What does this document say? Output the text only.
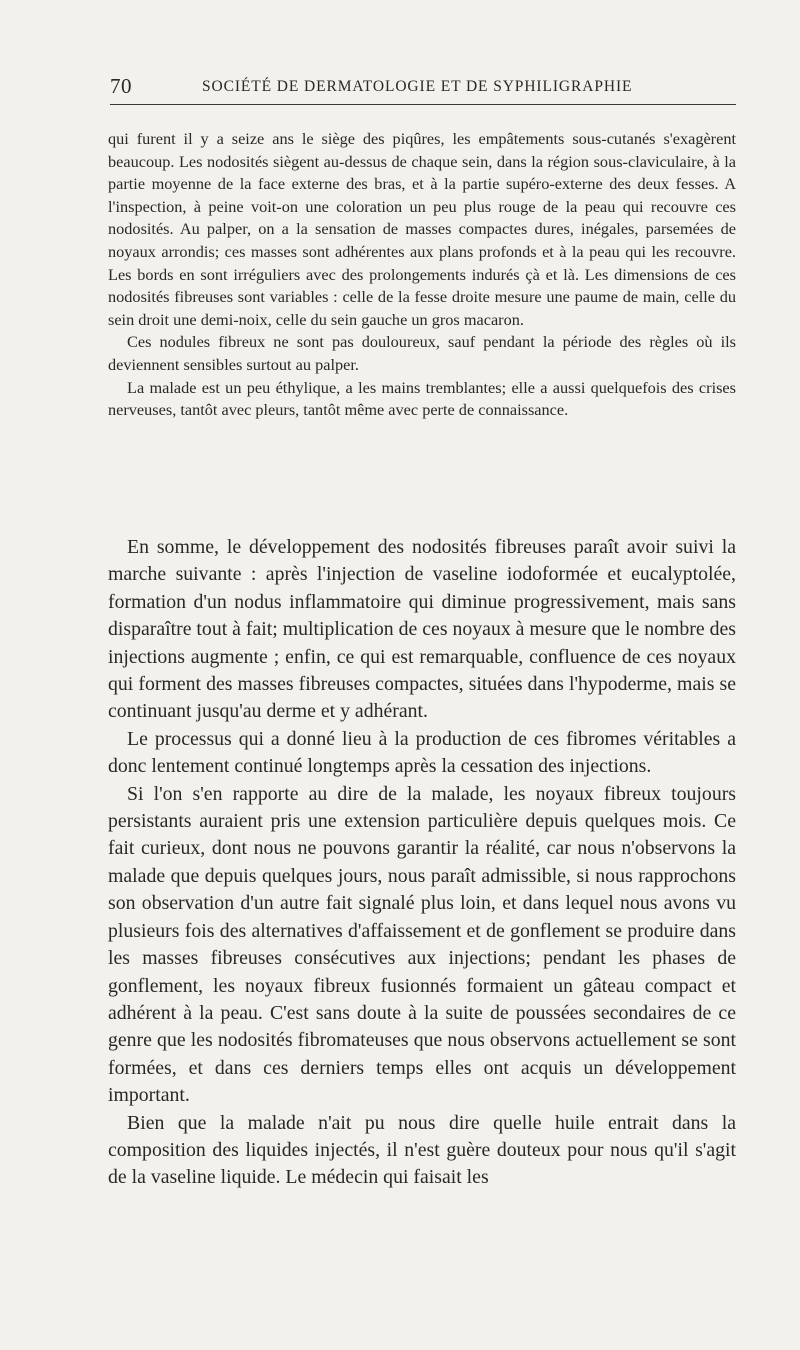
70	SOCIÉTÉ DE DERMATOLOGIE ET DE SYPHILIGRAPHIE

qui furent il y a seize ans le siège des piqûres, les empâtements sous-cutanés s'exagèrent beaucoup. Les nodosités siègent au-dessus de chaque sein, dans la région sous-claviculaire, à la partie moyenne de la face externe des bras, et à la partie supéro-externe des deux fesses. A l'inspection, à peine voit-on une coloration un peu plus rouge de la peau qui recouvre ces nodosités. Au palper, on a la sensation de masses compactes dures, inégales, parsemées de noyaux arrondis; ces masses sont adhérentes aux plans profonds et à la peau qui les recouvre. Les bords en sont irréguliers avec des prolongements indurés çà et là. Les dimensions de ces nodosités fibreuses sont variables : celle de la fesse droite mesure une paume de main, celle du sein droit une demi-noix, celle du sein gauche un gros macaron.

Ces nodules fibreux ne sont pas douloureux, sauf pendant la période des règles où ils deviennent sensibles surtout au palper.

La malade est un peu éthylique, a les mains tremblantes; elle a aussi quelquefois des crises nerveuses, tantôt avec pleurs, tantôt même avec perte de connaissance.

En somme, le développement des nodosités fibreuses paraît avoir suivi la marche suivante : après l'injection de vaseline iodoformée et eucalyptolée, formation d'un nodus inflammatoire qui diminue progressivement, mais sans disparaître tout à fait; multiplication de ces noyaux à mesure que le nombre des injections augmente ; enfin, ce qui est remarquable, confluence de ces noyaux qui forment des masses fibreuses compactes, situées dans l'hypoderme, mais se continuant jusqu'au derme et y adhérant.

Le processus qui a donné lieu à la production de ces fibromes véritables a donc lentement continué longtemps après la cessation des injections.

Si l'on s'en rapporte au dire de la malade, les noyaux fibreux toujours persistants auraient pris une extension particulière depuis quelques mois. Ce fait curieux, dont nous ne pouvons garantir la réalité, car nous n'observons la malade que depuis quelques jours, nous paraît admissible, si nous rapprochons son observation d'un autre fait signalé plus loin, et dans lequel nous avons vu plusieurs fois des alternatives d'affaissement et de gonflement se produire dans les masses fibreuses consécutives aux injections; pendant les phases de gonflement, les noyaux fibreux fusionnés formaient un gâteau compact et adhérent à la peau. C'est sans doute à la suite de poussées secondaires de ce genre que les nodosités fibromateuses que nous observons actuellement se sont formées, et dans ces derniers temps elles ont acquis un développement important.

Bien que la malade n'ait pu nous dire quelle huile entrait dans la composition des liquides injectés, il n'est guère douteux pour nous qu'il s'agit de la vaseline liquide. Le médecin qui faisait les
